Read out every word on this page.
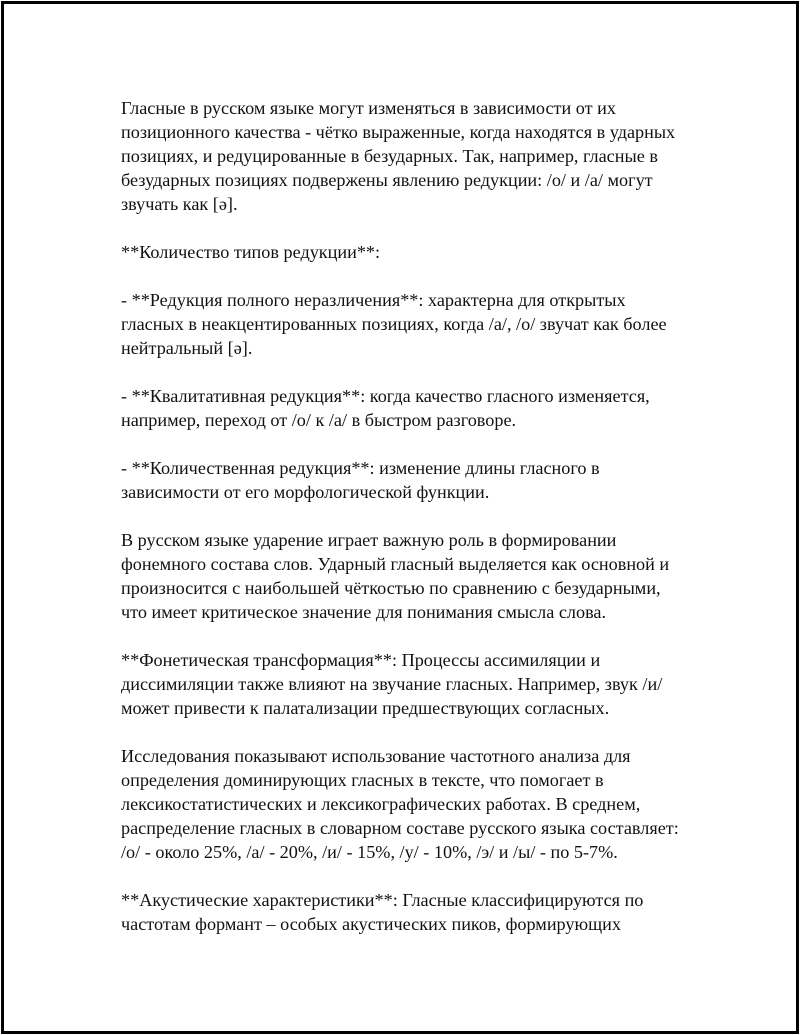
Гласные в русском языке могут изменяться в зависимости от их
позиционного качества - чётко выраженные, когда находятся в ударных
позициях, и редуцированные в безударных. Так, например, гласные в
безударных позициях подвержены явлению редукции: /о/ и /а/ могут
звучать как [ə].

**Количество типов редукции**:

- **Редукция полного неразличения**: характерна для открытых
гласных в неакцентированных позициях, когда /а/, /о/ звучат как более
нейтральный [ə].

- **Квалитативная редукция**: когда качество гласного изменяется,
например, переход от /о/ к /а/ в быстром разговоре.

- **Количественная редукция**: изменение длины гласного в
зависимости от его морфологической функции.

В русском языке ударение играет важную роль в формировании
фонемного состава слов. Ударный гласный выделяется как основной и
произносится с наибольшей чёткостью по сравнению с безударными,
что имеет критическое значение для понимания смысла слова.

**Фонетическая трансформация**: Процессы ассимиляции и
диссимиляции также влияют на звучание гласных. Например, звук /и/
может привести к палатализации предшествующих согласных.

Исследования показывают использование частотного анализа для
определения доминирующих гласных в тексте, что помогает в
лексикостатистических и лексикографических работах. В среднем,
распределение гласных в словарном составе русского языка составляет:
/о/ - около 25%, /а/ - 20%, /и/ - 15%, /у/ - 10%, /э/ и /ы/ - по 5-7%.

**Акустические характеристики**: Гласные классифицируются по
частотам формант – особых акустических пиков, формирующих
